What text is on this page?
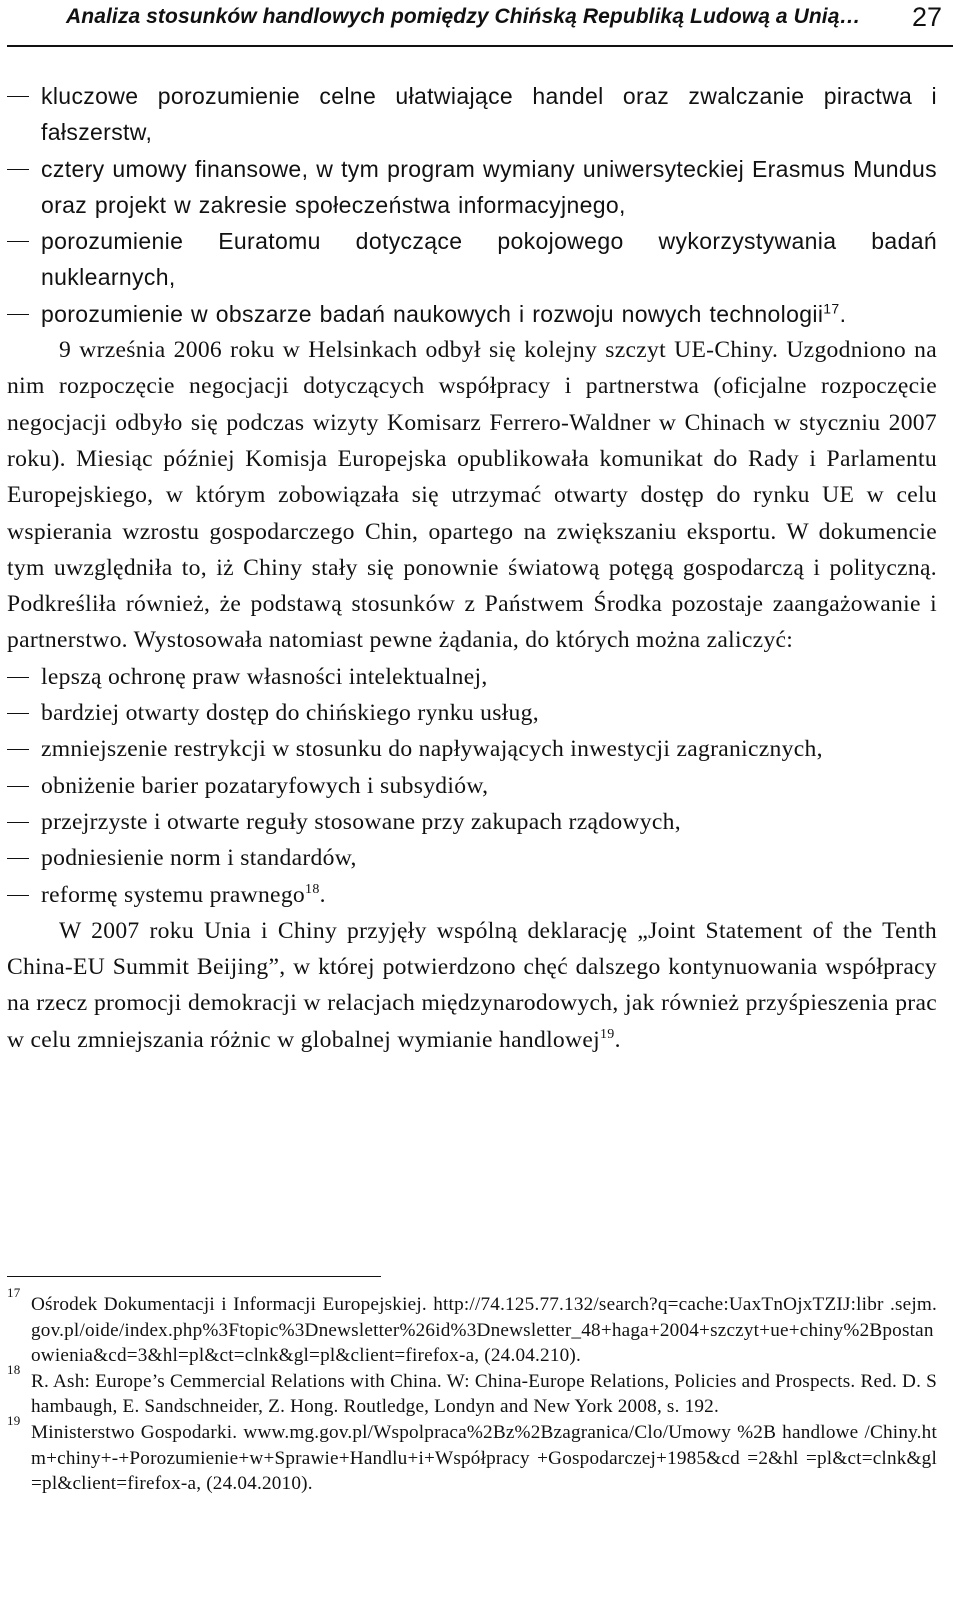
Analiza stosunków handlowych pomiędzy Chińską Republiką Ludową a Unią… 27
kluczowe porozumienie celne ułatwiające handel oraz zwalczanie piractwa i fałszerstw,
cztery umowy finansowe, w tym program wymiany uniwersyteckiej Erasmus Mundus oraz projekt w zakresie społeczeństwa informacyjnego,
porozumienie Euratomu dotyczące pokojowego wykorzystywania badań nuklearnych,
porozumienie w obszarze badań naukowych i rozwoju nowych technologii$^{17}$.
9 września 2006 roku w Helsinkach odbył się kolejny szczyt UE-Chiny. Uzgodniono na nim rozpoczęcie negocjacji dotyczących współpracy i partnerstwa (oficjalne rozpoczęcie negocjacji odbyło się podczas wizyty Komisarz Ferrero-Waldner w Chinach w styczniu 2007 roku). Miesiąc później Komisja Europejska opublikowała komunikat do Rady i Parlamentu Europejskiego, w którym zobowiązała się utrzymać otwarty dostęp do rynku UE w celu wspierania wzrostu gospodarczego Chin, opartego na zwiększaniu eksportu. W dokumencie tym uwzględniła to, iż Chiny stały się ponownie światową potęgą gospodarczą i polityczną. Podkreśliła również, że podstawą stosunków z Państwem Środka pozostaje zaangażowanie i partnerstwo. Wystosowała natomiast pewne żądania, do których można zaliczyć:
lepszą ochronę praw własności intelektualnej,
bardziej otwarty dostęp do chińskiego rynku usług,
zmniejszenie restrykcji w stosunku do napływających inwestycji zagranicznych,
obniżenie barier pozataryfowych i subsydiów,
przejrzyste i otwarte reguły stosowane przy zakupach rządowych,
podniesienie norm i standardów,
reformę systemu prawnego$^{18}$.
W 2007 roku Unia i Chiny przyjęły wspólną deklarację „Joint Statement of the Tenth China-EU Summit Beijing”, w której potwierdzono chęć dalszego kontynuowania współpracy na rzecz promocji demokracji w relacjach międzynarodowych, jak również przyśpieszenia prac w celu zmniejszania różnic w globalnej wymianie handlowej$^{19}$.
17
Ośrodek Dokumentacji i Informacji Europejskiej. http://74.125.77.132/search?q=cache:UaxTnOjxTZIJ:libr .sejm.gov.pl/oide/index.php%3Ftopic%3Dnewsletter%26id%3Dnewsletter_48+haga+2004+szczyt+ue+chiny%2Bpostanowienia&cd=3&hl=pl&ct=clnk&gl=pl&client=firefox-a, (24.04.210).
18
R. Ash: Europe’s Cemmercial Relations with China. W: China-Europe Relations, Policies and Prospects. Red. D. Shambaugh, E. Sandschneider, Z. Hong. Routledge, Londyn and New York 2008, s. 192.
19
Ministerstwo Gospodarki. www.mg.gov.pl/Wspolpraca%2Bz%2Bzagranica/Clo/Umowy %2B handlowe /Chiny.htm+chiny+-+Porozumienie+w+Sprawie+Handlu+i+Współpracy +Gospodarczej+1985&cd =2&hl =pl&ct=clnk&gl=pl&client=firefox-a, (24.04.2010).
